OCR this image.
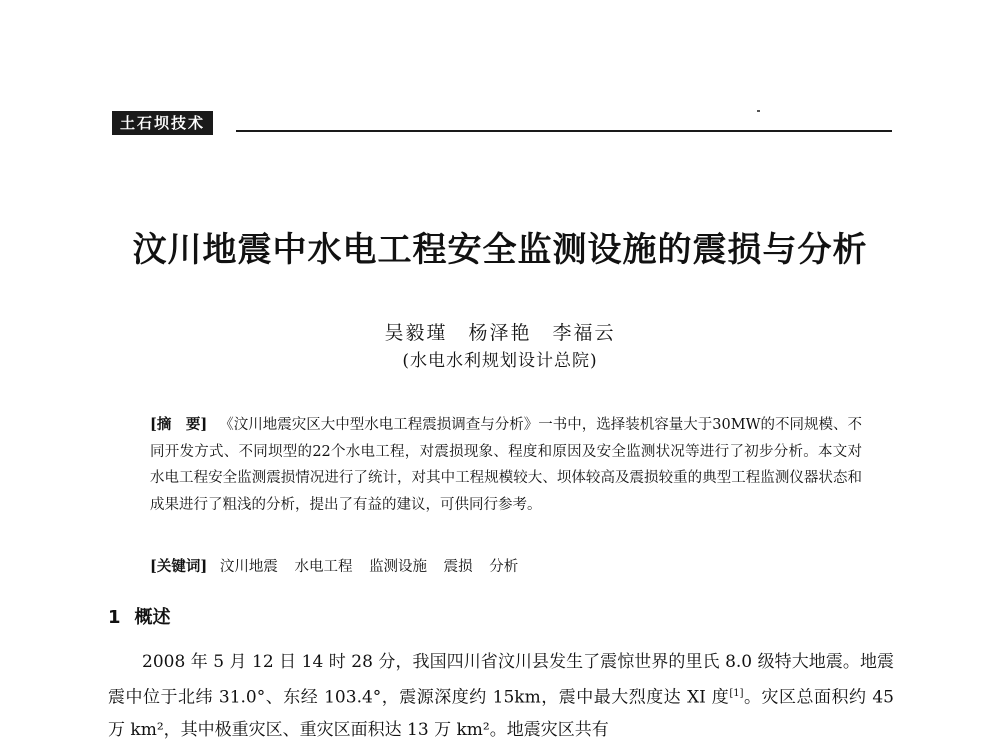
土石坝技术
汶川地震中水电工程安全监测设施的震损与分析
吴毅瑾　杨泽艳　李福云
(水电水利规划设计总院)
[摘　要] 《汶川地震灾区大中型水电工程震损调查与分析》一书中，选择装机容量大于30MW的不同规模、不同开发方式、不同坝型的22个水电工程，对震损现象、程度和原因及安全监测状况等进行了初步分析。本文对水电工程安全监测震损情况进行了统计，对其中工程规模较大、坝体较高及震损较重的典型工程监测仪器状态和成果进行了粗浅的分析，提出了有益的建议，可供同行参考。
[关键词] 汶川地震 水电工程 监测设施 震损 分析
1 概述
2008 年 5 月 12 日 14 时 28 分，我国四川省汶川县发生了震惊世界的里氏 8.0 级特大地震。地震震中位于北纬 31.0°、东经 103.4°，震源深度约 15km，震中最大烈度达 XI 度[1]。灾区总面积约 45 万 km²，其中极重灾区、重灾区面积达 13 万 km²。地震灾区共有
